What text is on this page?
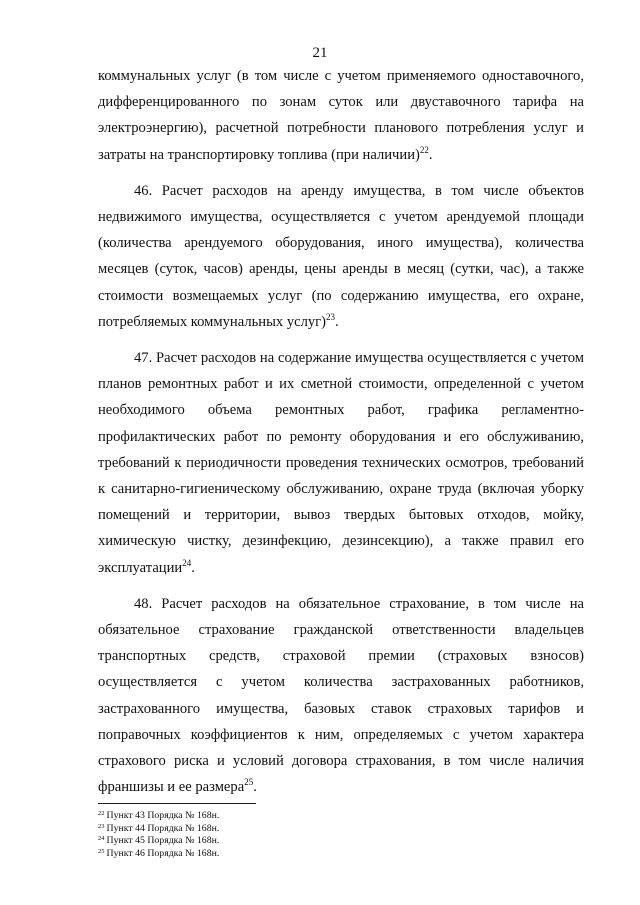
21

коммунальных услуг (в том числе с учетом применяемого одноставочного, дифференцированного по зонам суток или двуставочного тарифа на электроэнергию), расчетной потребности планового потребления услуг и затраты на транспортировку топлива (при наличии)$^{22}$.

46. Расчет расходов на аренду имущества, в том числе объектов недвижимого имущества, осуществляется с учетом арендуемой площади (количества арендуемого оборудования, иного имущества), количества месяцев (суток, часов) аренды, цены аренды в месяц (сутки, час), а также стоимости возмещаемых услуг (по содержанию имущества, его охране, потребляемых коммунальных услуг)$^{23}$.

47. Расчет расходов на содержание имущества осуществляется с учетом планов ремонтных работ и их сметной стоимости, определенной с учетом необходимого объема ремонтных работ, графика регламентно-профилактических работ по ремонту оборудования и его обслуживанию, требований к периодичности проведения технических осмотров, требований к санитарно-гигиеническому обслуживанию, охране труда (включая уборку помещений и территории, вывоз твердых бытовых отходов, мойку, химическую чистку, дезинфекцию, дезинсекцию), а также правил его эксплуатации$^{24}$.

48. Расчет расходов на обязательное страхование, в том числе на обязательное страхование гражданской ответственности владельцев транспортных средств, страховой премии (страховых взносов) осуществляется с учетом количества застрахованных работников, застрахованного имущества, базовых ставок страховых тарифов и поправочных коэффициентов к ним, определяемых с учетом характера страхового риска и условий договора страхования, в том числе наличия франшизы и ее размера$^{25}$.

$^{22}$ Пункт 43 Порядка № 168н.

$^{23}$ Пункт 44 Порядка № 168н.

$^{24}$ Пункт 45 Порядка № 168н.

$^{25}$ Пункт 46 Порядка № 168н.
